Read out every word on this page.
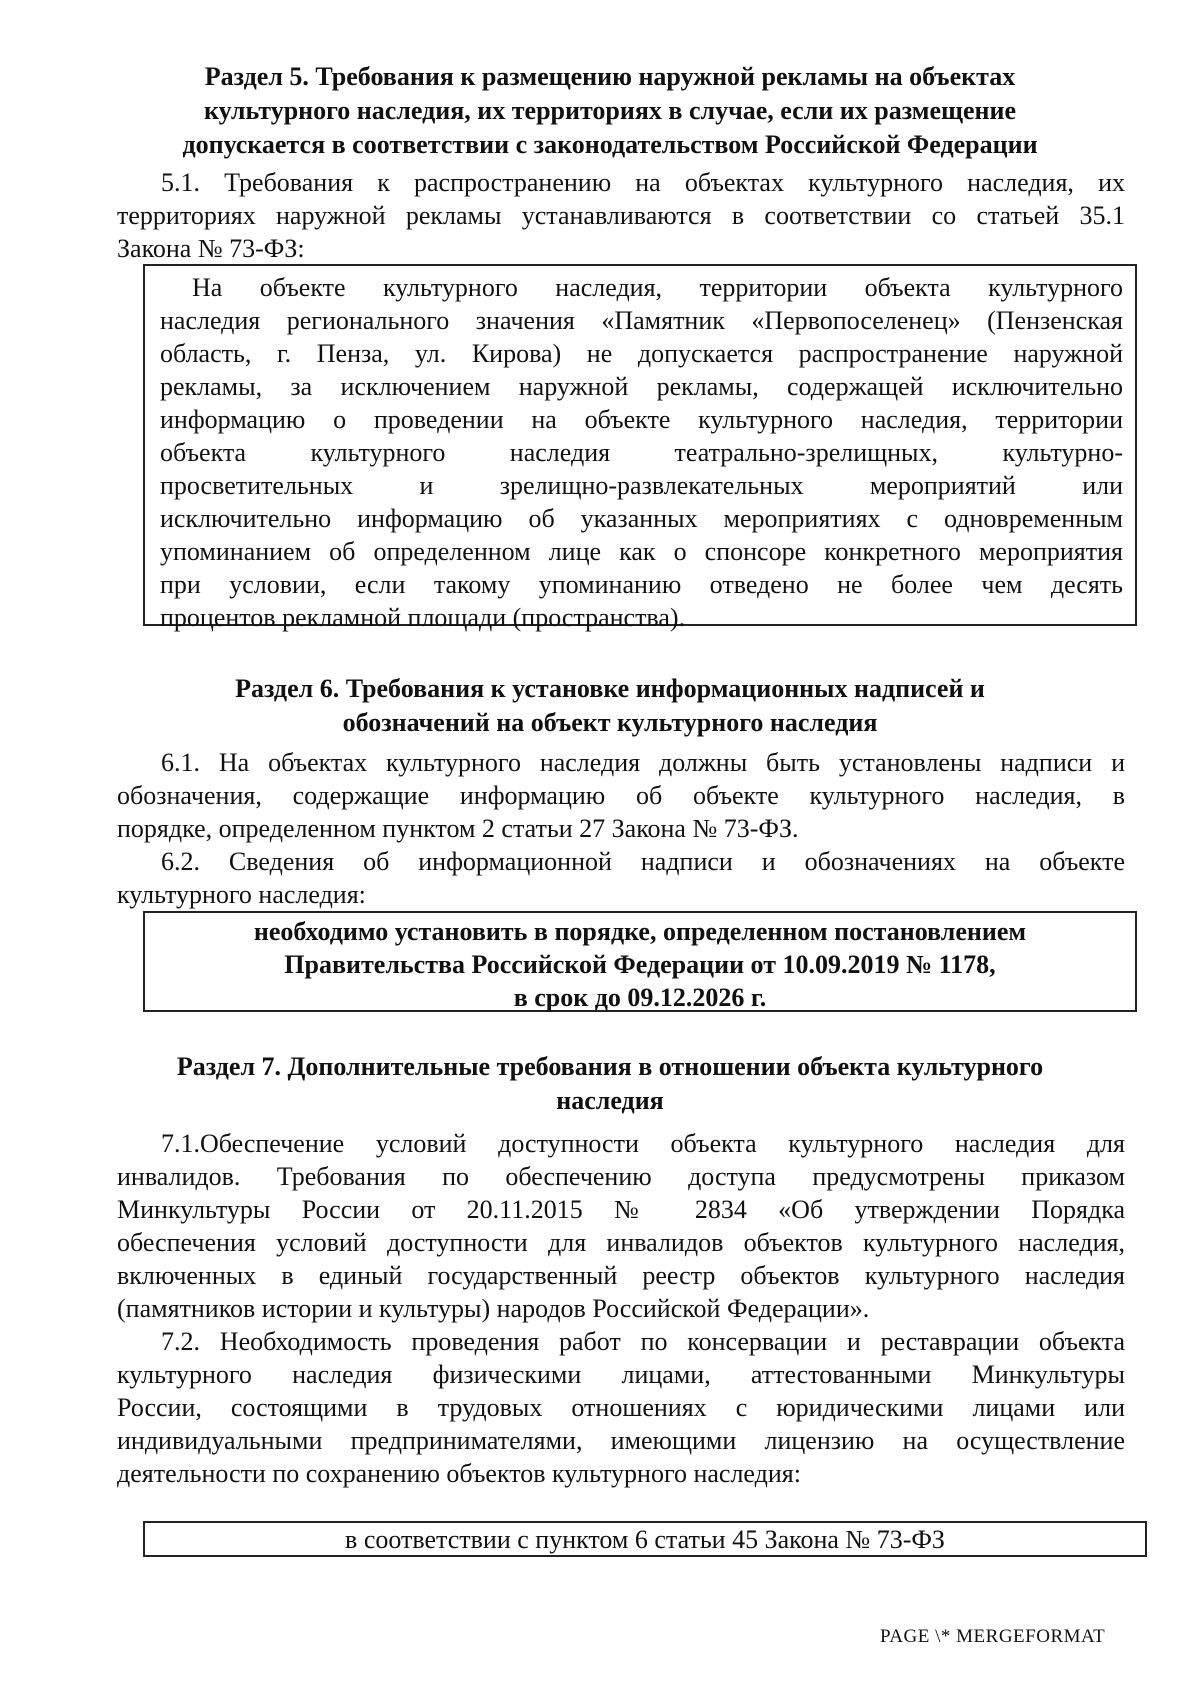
Раздел 5. Требования к размещению наружной рекламы на объектах
культурного наследия, их территориях в случае, если их размещение
допускается в соответствии с законодательством Российской Федерации
5.1. Требования к распространению на объектах культурного наследия, их
территориях наружной рекламы устанавливаются в соответствии со статьей 35.1
Закона № 73-ФЗ:
На объекте культурного наследия, территории объекта культурного
наследия регионального значения «Памятник «Первопоселенец» (Пензенская
область, г. Пенза, ул. Кирова) не допускается распространение наружной
рекламы, за исключением наружной рекламы, содержащей исключительно
информацию о проведении на объекте культурного наследия, территории
объекта культурного наследия театрально-зрелищных, культурно-
просветительных и зрелищно-развлекательных мероприятий или
исключительно информацию об указанных мероприятиях с одновременным
упоминанием об определенном лице как о спонсоре конкретного мероприятия
при условии, если такому упоминанию отведено не более чем десять
процентов рекламной площади (пространства).
Раздел 6. Требования к установке информационных надписей и
обозначений на объект культурного наследия
6.1. На объектах культурного наследия должны быть установлены надписи и
обозначения, содержащие информацию об объекте культурного наследия, в
порядке, определенном пунктом 2 статьи 27 Закона № 73-ФЗ.
6.2. Сведения об информационной надписи и обозначениях на объекте
культурного наследия:
необходимо установить в порядке, определенном постановлением
Правительства Российской Федерации от 10.09.2019 № 1178,
в срок до 09.12.2026 г.
Раздел 7. Дополнительные требования в отношении объекта культурного
наследия
7.1.Обеспечение условий доступности объекта культурного наследия для
инвалидов. Требования по обеспечению доступа предусмотрены приказом
Минкультуры России от 20.11.2015 № 2834 «Об утверждении Порядка
обеспечения условий доступности для инвалидов объектов культурного наследия,
включенных в единый государственный реестр объектов культурного наследия
(памятников истории и культуры) народов Российской Федерации».
7.2. Необходимость проведения работ по консервации и реставрации объекта
культурного наследия физическими лицами, аттестованными Минкультуры
России, состоящими в трудовых отношениях с юридическими лицами или
индивидуальными предпринимателями, имеющими лицензию на осуществление
деятельности по сохранению объектов культурного наследия:
в соответствии с пунктом 6 статьи 45 Закона № 73-ФЗ
PAGE \* MERGEFORMAT
